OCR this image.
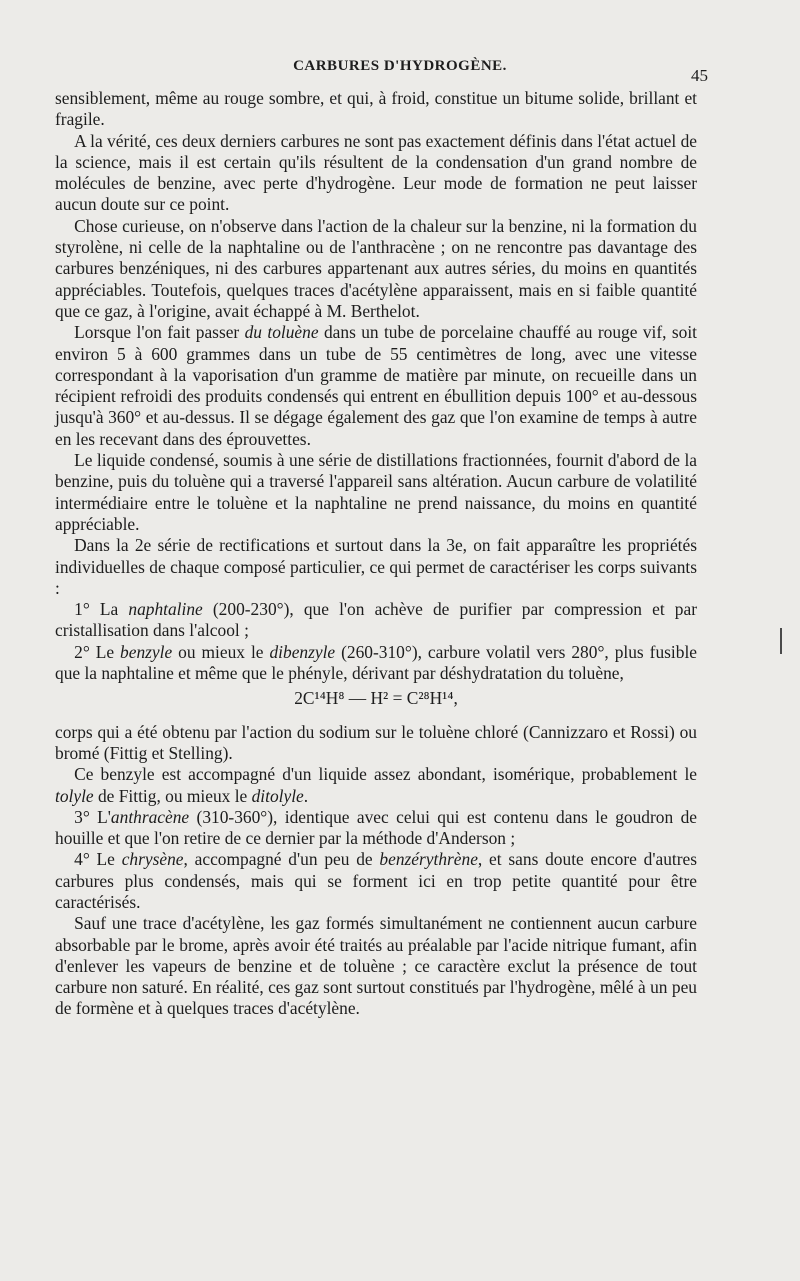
CARBURES D'HYDROGÈNE.	45

sensiblement, même au rouge sombre, et qui, à froid, constitue un bitume solide, brillant et fragile.

A la vérité, ces deux derniers carbures ne sont pas exactement définis dans l'état actuel de la science, mais il est certain qu'ils résultent de la condensation d'un grand nombre de molécules de benzine, avec perte d'hydrogène. Leur mode de formation ne peut laisser aucun doute sur ce point.

Chose curieuse, on n'observe dans l'action de la chaleur sur la benzine, ni la formation du styrolène, ni celle de la naphtaline ou de l'anthracène ; on ne rencontre pas davantage des carbures benzéniques, ni des carbures appartenant aux autres séries, du moins en quantités appréciables. Toutefois, quelques traces d'acétylène apparaissent, mais en si faible quantité que ce gaz, à l'origine, avait échappé à M. Berthelot.

Lorsque l'on fait passer du toluène dans un tube de porcelaine chauffé au rouge vif, soit environ 5 à 600 grammes dans un tube de 55 centimètres de long, avec une vitesse correspondant à la vaporisation d'un gramme de matière par minute, on recueille dans un récipient refroidi des produits condensés qui entrent en ébullition depuis 100° et au-dessous jusqu'à 360° et au-dessus. Il se dégage également des gaz que l'on examine de temps à autre en les recevant dans des éprouvettes.

Le liquide condensé, soumis à une série de distillations fractionnées, fournit d'abord de la benzine, puis du toluène qui a traversé l'appareil sans altération. Aucun carbure de volatilité intermédiaire entre le toluène et la naphtaline ne prend naissance, du moins en quantité appréciable.

Dans la 2e série de rectifications et surtout dans la 3e, on fait apparaître les propriétés individuelles de chaque composé particulier, ce qui permet de caractériser les corps suivants :

1° La naphtaline (200-230°), que l'on achève de purifier par compression et par cristallisation dans l'alcool ;

2° Le benzyle ou mieux le dibenzyle (260-310°), carbure volatil vers 280°, plus fusible que la naphtaline et même que le phényle, dérivant par déshydratation du toluène,

2C¹⁴H⁸ — H² = C²⁸H¹⁴,

corps qui a été obtenu par l'action du sodium sur le toluène chloré (Cannizzaro et Rossi) ou bromé (Fittig et Stelling).

Ce benzyle est accompagné d'un liquide assez abondant, isomérique, probablement le tolyle de Fittig, ou mieux le ditolyle.

3° L'anthracène (310-360°), identique avec celui qui est contenu dans le goudron de houille et que l'on retire de ce dernier par la méthode d'Anderson ;

4° Le chrysène, accompagné d'un peu de benzérythrène, et sans doute encore d'autres carbures plus condensés, mais qui se forment ici en trop petite quantité pour être caractérisés.

Sauf une trace d'acétylène, les gaz formés simultanément ne contiennent aucun carbure absorbable par le brome, après avoir été traités au préalable par l'acide nitrique fumant, afin d'enlever les vapeurs de benzine et de toluène ; ce caractère exclut la présence de tout carbure non saturé. En réalité, ces gaz sont surtout constitués par l'hydrogène, mêlé à un peu de formène et à quelques traces d'acétylène.
